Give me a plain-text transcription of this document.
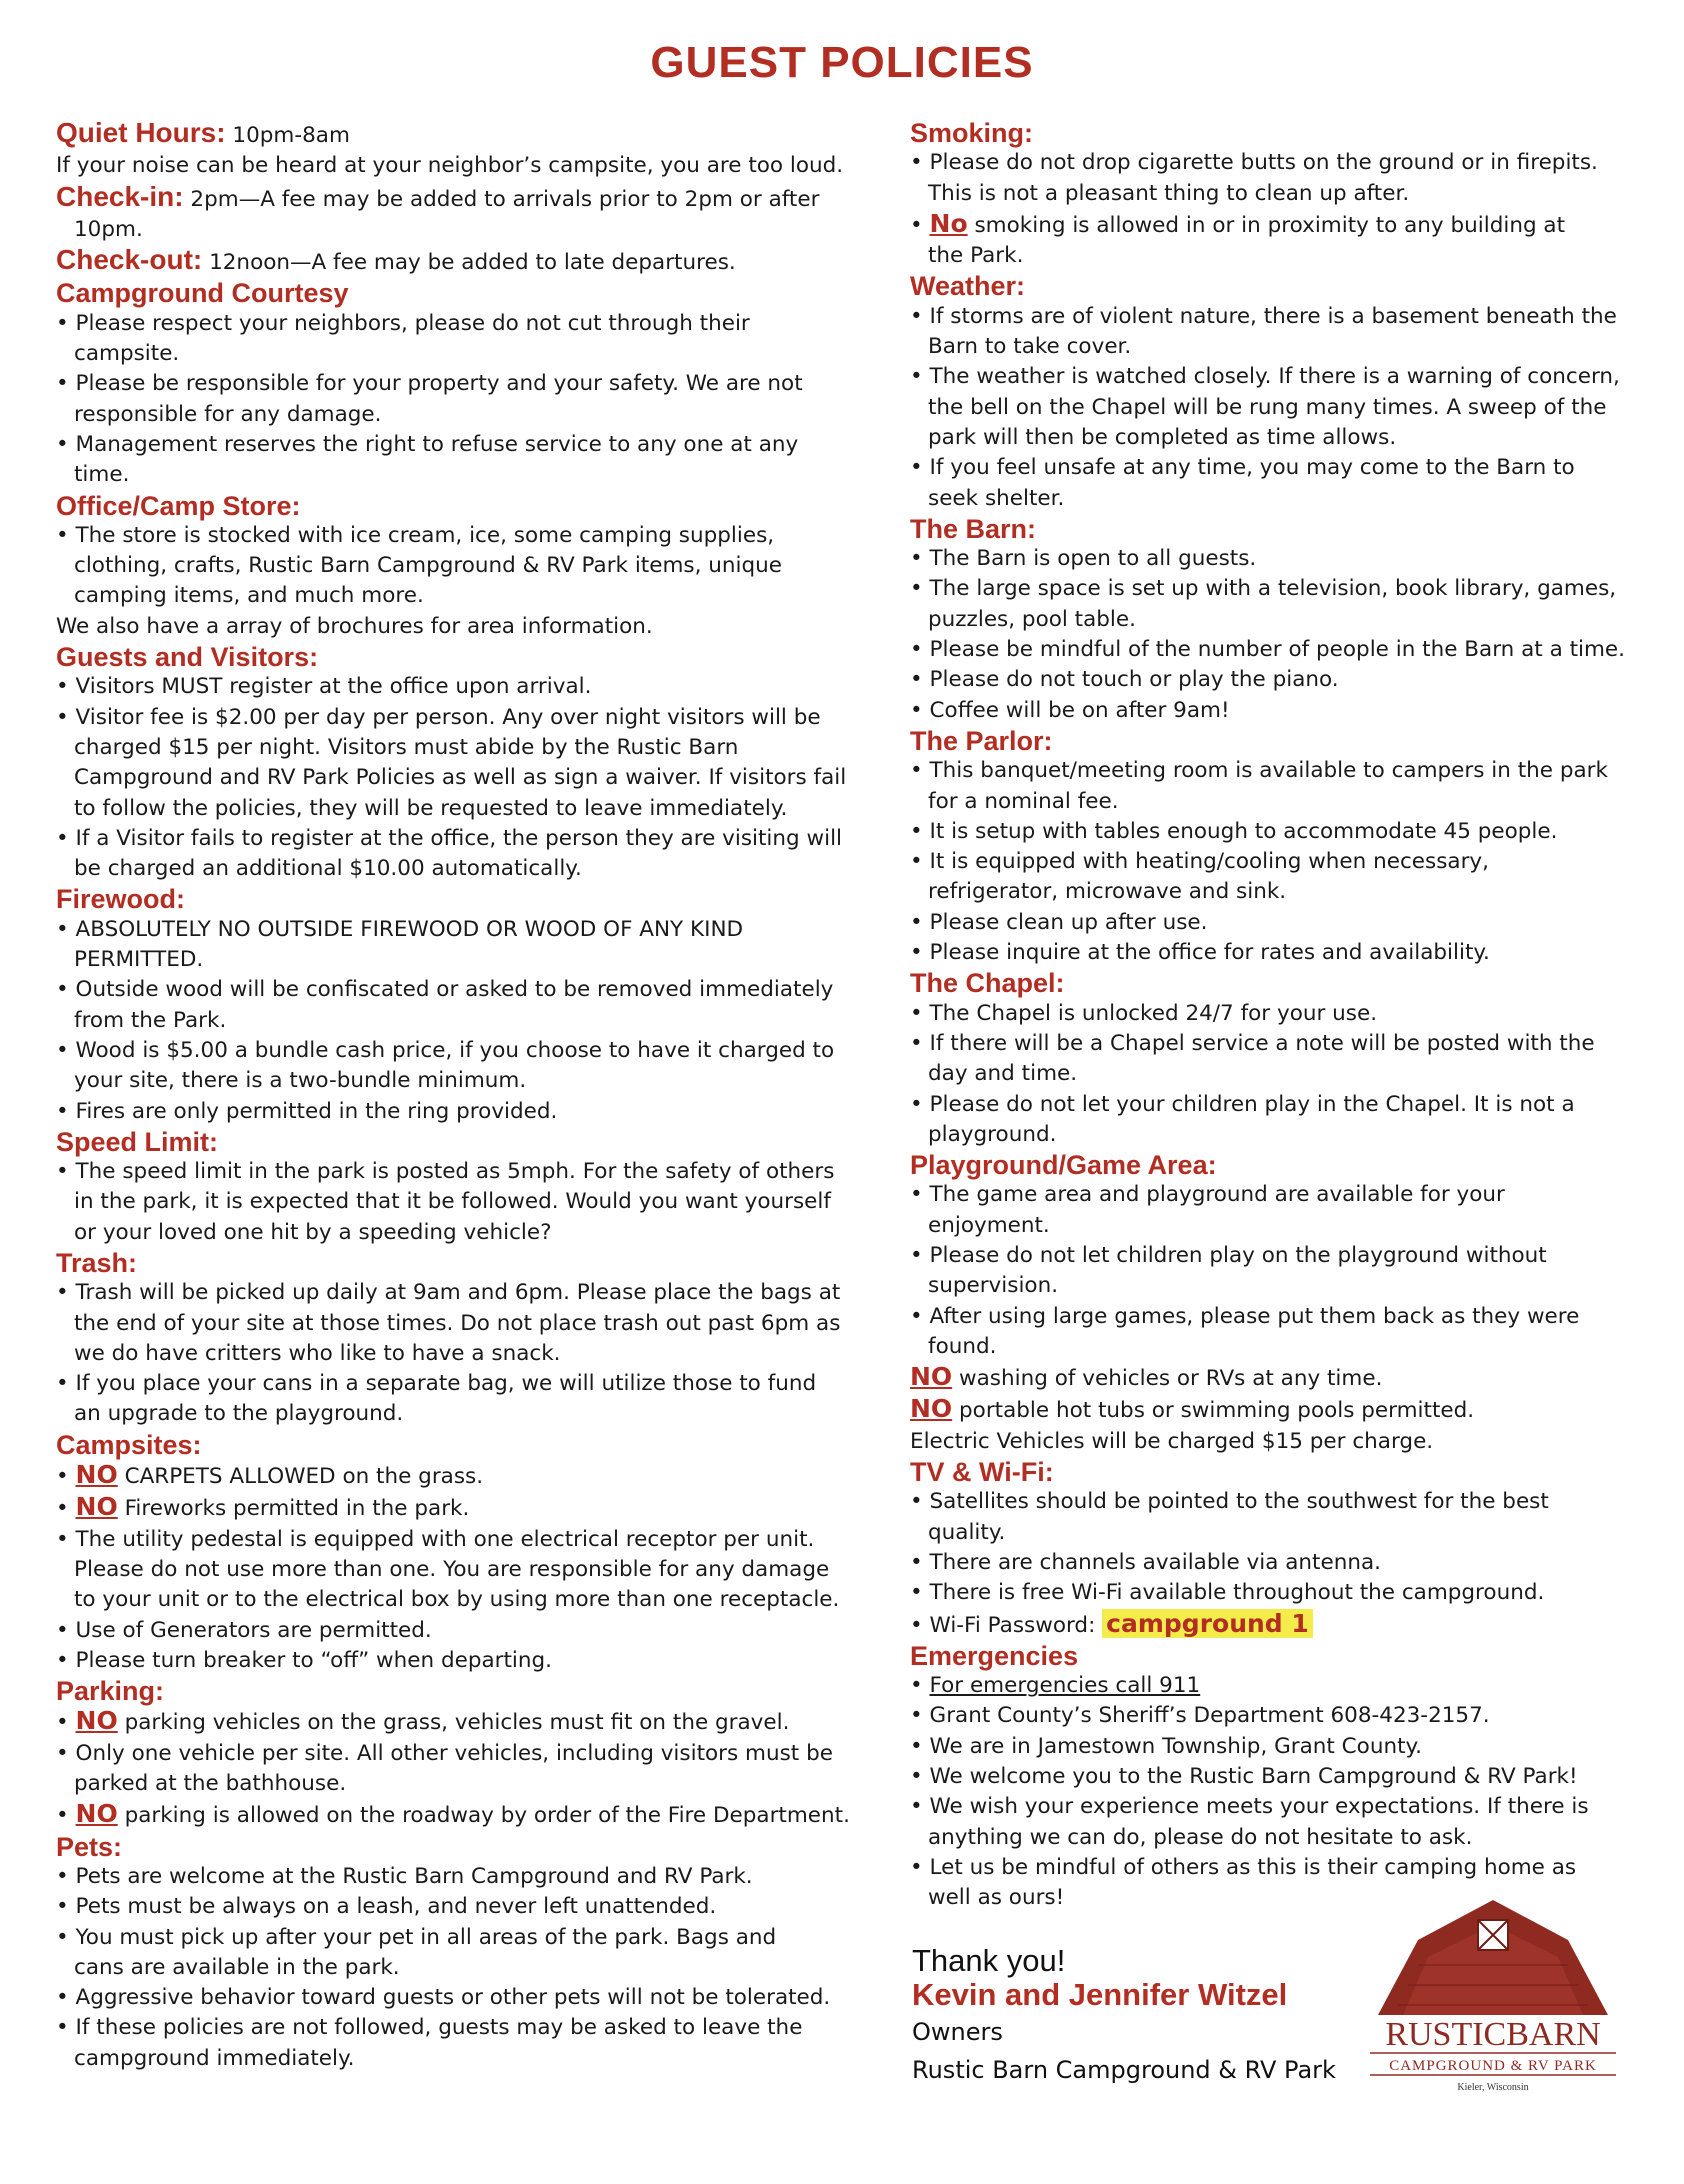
GUEST POLICIES

Quiet Hours: 10pm-8am

If your noise can be heard at your neighbor’s campsite, you are too loud.

Check-in: 2pm—A fee may be added to arrivals prior to 2pm or after

10pm.

Check-out: 12noon—A fee may be added to late departures.

Campground Courtesy

• Please respect your neighbors, please do not cut through their

campsite.

• Please be responsible for your property and your safety. We are not

responsible for any damage.

• Management reserves the right to refuse service to any one at any

time.

Office/Camp Store:

• The store is stocked with ice cream, ice, some camping supplies,

clothing, crafts, Rustic Barn Campground & RV Park items, unique

camping items, and much more.

We also have a array of brochures for area information.

Guests and Visitors:

• Visitors MUST register at the office upon arrival.

• Visitor fee is $2.00 per day per person. Any over night visitors will be

charged $15 per night. Visitors must abide by the Rustic Barn

Campground and RV Park Policies as well as sign a waiver. If visitors fail

to follow the policies, they will be requested to leave immediately.

• If a Visitor fails to register at the office, the person they are visiting will

be charged an additional $10.00 automatically.

Firewood:

• ABSOLUTELY NO OUTSIDE FIREWOOD OR WOOD OF ANY KIND

PERMITTED.

• Outside wood will be confiscated or asked to be removed immediately

from the Park.

• Wood is $5.00 a bundle cash price, if you choose to have it charged to

your site, there is a two-bundle minimum.

• Fires are only permitted in the ring provided.

Speed Limit:

• The speed limit in the park is posted as 5mph. For the safety of others

in the park, it is expected that it be followed. Would you want yourself

or your loved one hit by a speeding vehicle?

Trash:

• Trash will be picked up daily at 9am and 6pm. Please place the bags at

the end of your site at those times. Do not place trash out past 6pm as

we do have critters who like to have a snack.

• If you place your cans in a separate bag, we will utilize those to fund

an upgrade to the playground.

Campsites:

• NO CARPETS ALLOWED on the grass.

• NO Fireworks permitted in the park.

• The utility pedestal is equipped with one electrical receptor per unit.

Please do not use more than one. You are responsible for any damage

to your unit or to the electrical box by using more than one receptacle.

• Use of Generators are permitted.

• Please turn breaker to “off” when departing.

Parking:

• NO parking vehicles on the grass, vehicles must fit on the gravel.

• Only one vehicle per site. All other vehicles, including visitors must be

parked at the bathhouse.

• NO parking is allowed on the roadway by order of the Fire Department.

Pets:

• Pets are welcome at the Rustic Barn Campground and RV Park.

• Pets must be always on a leash, and never left unattended.

• You must pick up after your pet in all areas of the park. Bags and

cans are available in the park.

• Aggressive behavior toward guests or other pets will not be tolerated.

• If these policies are not followed, guests may be asked to leave the

campground immediately.

Smoking:

• Please do not drop cigarette butts on the ground or in firepits.

This is not a pleasant thing to clean up after.

• No smoking is allowed in or in proximity to any building at

the Park.

Weather:

• If storms are of violent nature, there is a basement beneath the

Barn to take cover.

• The weather is watched closely. If there is a warning of concern,

the bell on the Chapel will be rung many times. A sweep of the

park will then be completed as time allows.

• If you feel unsafe at any time, you may come to the Barn to

seek shelter.

The Barn:

• The Barn is open to all guests.

• The large space is set up with a television, book library, games,

puzzles, pool table.

• Please be mindful of the number of people in the Barn at a time.

• Please do not touch or play the piano.

• Coffee will be on after 9am!

The Parlor:

• This banquet/meeting room is available to campers in the park

for a nominal fee.

• It is setup with tables enough to accommodate 45 people.

• It is equipped with heating/cooling when necessary,

refrigerator, microwave and sink.

• Please clean up after use.

• Please inquire at the office for rates and availability.

The Chapel:

• The Chapel is unlocked 24/7 for your use.

• If there will be a Chapel service a note will be posted with the

day and time.

• Please do not let your children play in the Chapel. It is not a

playground.

Playground/Game Area:

• The game area and playground are available for your

enjoyment.

• Please do not let children play on the playground without

supervision.

• After using large games, please put them back as they were

found.

NO washing of vehicles or RVs at any time.

NO portable hot tubs or swimming pools permitted.

Electric Vehicles will be charged $15 per charge.

TV & Wi-Fi:

• Satellites should be pointed to the southwest for the best

quality.

• There are channels available via antenna.

• There is free Wi-Fi available throughout the campground.

• Wi-Fi Password: campground 1

Emergencies

• For emergencies call 911

• Grant County’s Sheriff’s Department 608-423-2157.

• We are in Jamestown Township, Grant County.

• We welcome you to the Rustic Barn Campground & RV Park!

• We wish your experience meets your expectations. If there is

anything we can do, please do not hesitate to ask.

• Let us be mindful of others as this is their camping home as

well as ours!

Thank you!
Kevin and Jennifer Witzel
Owners
Rustic Barn Campground & RV Park
RUSTICBARN
CAMPGROUND & RV PARK
Kieler, Wisconsin
